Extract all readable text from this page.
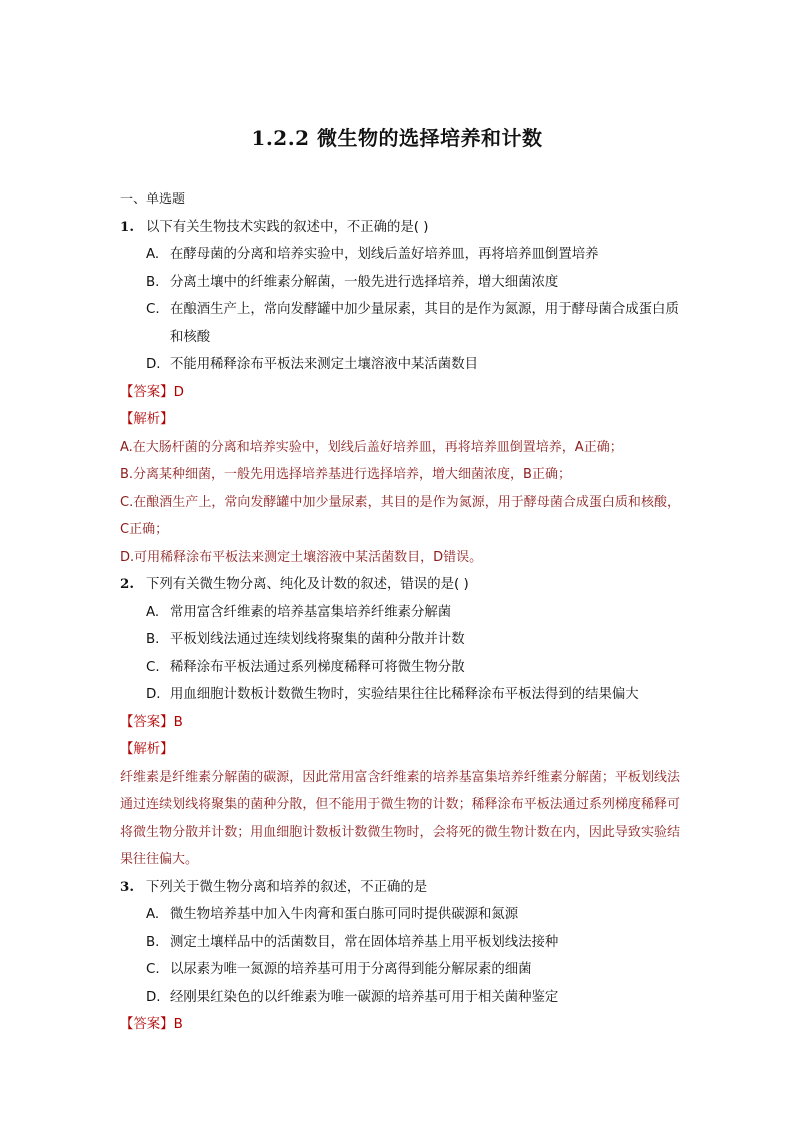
1.2.2 微生物的选择培养和计数
一、单选题
1. 以下有关生物技术实践的叙述中，不正确的是( )
A. 在酵母菌的分离和培养实验中，划线后盖好培养皿，再将培养皿倒置培养
B. 分离土壤中的纤维素分解菌，一般先进行选择培养，增大细菌浓度
C. 在酿酒生产上，常向发酵罐中加少量尿素，其目的是作为氮源，用于酵母菌合成蛋白质和核酸
D. 不能用稀释涂布平板法来测定土壤溶液中某活菌数目
【答案】D
【解析】
A.在大肠杆菌的分离和培养实验中，划线后盖好培养皿，再将培养皿倒置培养，A正确；
B.分离某种细菌，一般先用选择培养基进行选择培养，增大细菌浓度，B正确；
C.在酿酒生产上，常向发酵罐中加少量尿素，其目的是作为氮源，用于酵母菌合成蛋白质和核酸，C正确；
D.可用稀释涂布平板法来测定土壤溶液中某活菌数目，D错误。
2. 下列有关微生物分离、纯化及计数的叙述，错误的是( )
A. 常用富含纤维素的培养基富集培养纤维素分解菌
B. 平板划线法通过连续划线将聚集的菌种分散并计数
C. 稀释涂布平板法通过系列梯度稀释可将微生物分散
D. 用血细胞计数板计数微生物时，实验结果往往比稀释涂布平板法得到的结果偏大
【答案】B
【解析】
纤维素是纤维素分解菌的碳源，因此常用富含纤维素的培养基富集培养纤维素分解菌；平板划线法通过连续划线将聚集的菌种分散，但不能用于微生物的计数；稀释涂布平板法通过系列梯度稀释可将微生物分散并计数；用血细胞计数板计数微生物时，会将死的微生物计数在内，因此导致实验结果往往偏大。
3. 下列关于微生物分离和培养的叙述，不正确的是
A. 微生物培养基中加入牛肉膏和蛋白胨可同时提供碳源和氮源
B. 测定土壤样品中的活菌数目，常在固体培养基上用平板划线法接种
C. 以尿素为唯一氮源的培养基可用于分离得到能分解尿素的细菌
D. 经刚果红染色的以纤维素为唯一碳源的培养基可用于相关菌种鉴定
【答案】B
